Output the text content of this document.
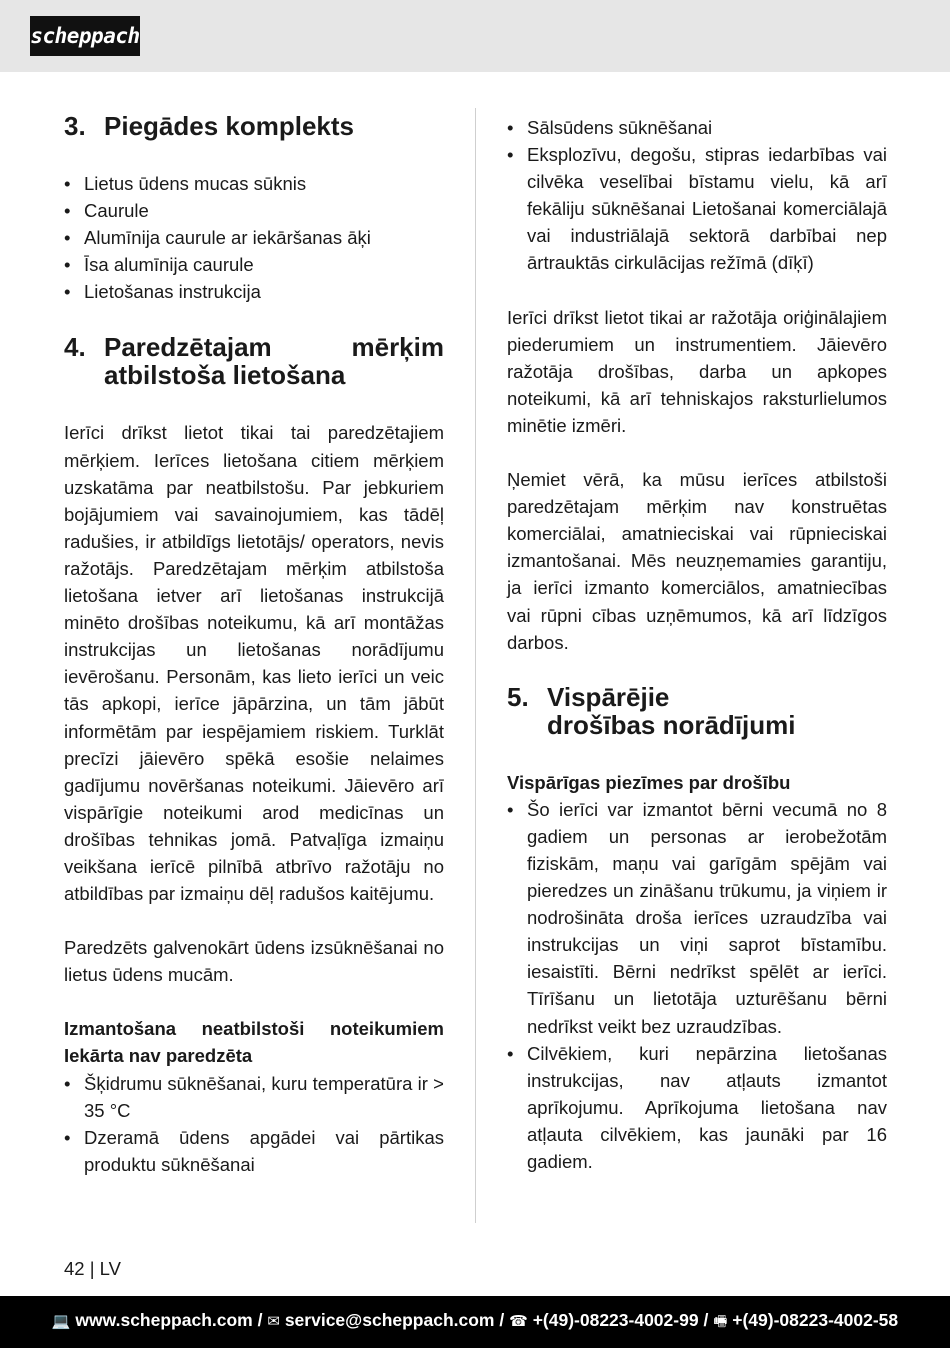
scheppach
3. Piegādes komplekts
• Lietus ūdens mucas sūknis
• Caurule
• Alumīnija caurule ar iekāršanas āķi
• Īsa alumīnija caurule
• Lietošanas instrukcija
4. Paredzētajam mērķim atbilstoša lietošana

Ierīci drīkst lietot tikai tai paredzētajiem mērķiem. Ierīces lietošana citiem mērķiem uzskatāma par neatbilstošu. Par jebkuriem bojājumiem vai savainojumiem, kas tādēļ radušies, ir atbildīgs lietotājs/ operators, nevis ražotājs. Paredzētajam mērķim atbilstoša lietošana ietver arī lietošanas instrukcijā minēto drošības noteikumu, kā arī montāžas instrukcijas un lietošanas norādījumu ievērošanu. Personām, kas lieto ierīci un veic tās apkopi, ierīce jāpārzina, un tām jābūt informētām par iespējamiem riskiem. Turklāt precīzi jāievēro spēkā esošie nelaimes gadījumu novēršanas noteikumi. Jāievēro arī vispārīgie noteikumi arod medicīnas un drošības tehnikas jomā. Patvaļīga izmaiņu veikšana ierīcē pilnībā atbrīvo ražotāju no atbildības par izmaiņu dēļ radušos kaitējumu.

Paredzēts galvenokārt ūdens izsūknēšanai no lietus ūdens mucām.

Izmantošana neatbilstoši noteikumiem Iekārta nav paredzēta

• Šķidrumu sūknēšanai, kuru temperatūra ir > 35 °C
• Dzeramā ūdens apgādei vai pārtikas produktu sūknēšanai
• Sālsūdens sūknēšanai
• Eksplozīvu, degošu, stipras iedarbības vai cilvēka veselībai bīstamu vielu, kā arī fekāliju sūknēšanai Lietošanai komerciālajā vai industriālajā sektorā darbībai nep ārtrauktās cirkulācijas režīmā (dīķī)

Ierīci drīkst lietot tikai ar ražotāja oriģinālajiem piederumiem un instrumentiem. Jāievēro ražotāja drošības, darba un apkopes noteikumi, kā arī tehniskajos raksturlielumos minētie izmēri.

Ņemiet vērā, ka mūsu ierīces atbilstoši paredzētajam mērķim nav konstruētas komerciālai, amatnieciskai vai rūpnieciskai izmantošanai. Mēs neuzņemamies garantiju, ja ierīci izmanto komerciālos, amatniecības vai rūpni cības uzņēmumos, kā arī līdzīgos darbos.

5. Vispārējie
drošības norādījumi

Vispārīgas piezīmes par drošību

• Šo ierīci var izmantot bērni vecumā no 8 gadiem un personas ar ierobežotām fiziskām, maņu vai garīgām spējām vai pieredzes un zināšanu trūkumu, ja viņiem ir nodrošināta droša ierīces uzraudzība vai instrukcijas un viņi saprot bīstamību. iesaistīti. Bērni nedrīkst spēlēt ar ierīci. Tīrīšanu un lietotāja uzturēšanu bērni nedrīkst veikt bez uzraudzības.
• Cilvēkiem, kuri nepārzina lietošanas instrukcijas, nav atļauts izmantot aprīkojumu. Aprīkojuma lietošana nav atļauta cilvēkiem, kas jaunāki par 16 gadiem.
42 | LV
💻 www.scheppach.com / ✉ service@scheppach.com / ☎ +(49)-08223-4002-99 / 🖷 +(49)-08223-4002-58
